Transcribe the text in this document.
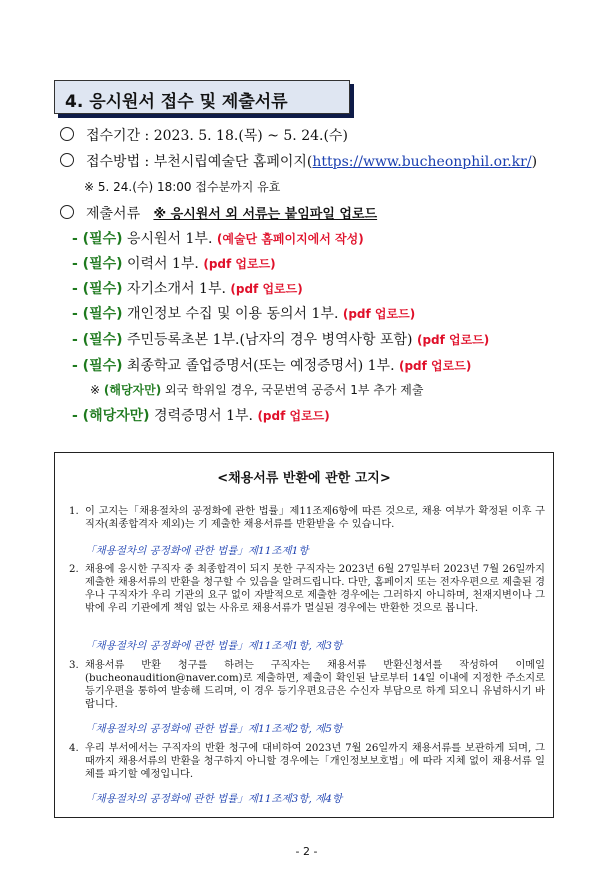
4. 응시원서 접수 및 제출서류
접수기간 : 2023. 5. 18.(목) ~ 5. 24.(수)
접수방법 : 부천시립예술단 홈페이지(https://www.bucheonphil.or.kr/)
※ 5. 24.(수) 18:00 접수분까지 유효
제출서류 ※ 응시원서 외 서류는 붙임파일 업로드
- (필수) 응시원서 1부. (예술단 홈페이지에서 작성)
- (필수) 이력서 1부. (pdf 업로드)
- (필수) 자기소개서 1부. (pdf 업로드)
- (필수) 개인정보 수집 및 이용 동의서 1부. (pdf 업로드)
- (필수) 주민등록초본 1부.(남자의 경우 병역사항 포함) (pdf 업로드)
- (필수) 최종학교 졸업증명서(또는 예정증명서) 1부. (pdf 업로드)
※ (해당자만) 외국 학위일 경우, 국문번역 공증서 1부 추가 제출
- (해당자만) 경력증명서 1부. (pdf 업로드)
<채용서류 반환에 관한 고지>
1. 이 고지는「채용절차의 공정화에 관한 법률」제11조제6항에 따른 것으로, 채용 여부가 확정된 이후 구직자(최종합격자 제외)는 기 제출한 채용서류를 반환받을 수 있습니다.
「채용절차의 공정화에 관한 법률」제11조제1항
2. 채용에 응시한 구직자 중 최종합격이 되지 못한 구직자는 2023년 6월 27일부터 2023년 7월 26일까지 제출한 채용서류의 반환을 청구할 수 있음을 알려드립니다. 다만, 홈페이지 또는 전자우편으로 제출된 경우나 구직자가 우리 기관의 요구 없이 자발적으로 제출한 경우에는 그러하지 아니하며, 천재지변이나 그 밖에 우리 기관에게 책임 없는 사유로 채용서류가 멸실된 경우에는 반환한 것으로 봅니다.
「채용절차의 공정화에 관한 법률」제11조제1항, 제3항
3. 채용서류 반환 청구를 하려는 구직자는 채용서류 반환신청서를 작성하여 이메일(bucheonaudition@naver.com)로 제출하면, 제출이 확인된 날로부터 14일 이내에 지정한 주소지로 등기우편을 통하여 발송해 드리며, 이 경우 등기우편요금은 수신자 부담으로 하게 되오니 유념하시기 바랍니다.
「채용절차의 공정화에 관한 법률」제11조제2항, 제5항
4. 우리 부서에서는 구직자의 반환 청구에 대비하여 2023년 7월 26일까지 채용서류를 보관하게 되며, 그 때까지 채용서류의 반환을 청구하지 아니할 경우에는「개인정보보호법」에 따라 지체 없이 채용서류 일체를 파기할 예정입니다.
「채용절차의 공정화에 관한 법률」제11조제3항, 제4항
- 2 -
